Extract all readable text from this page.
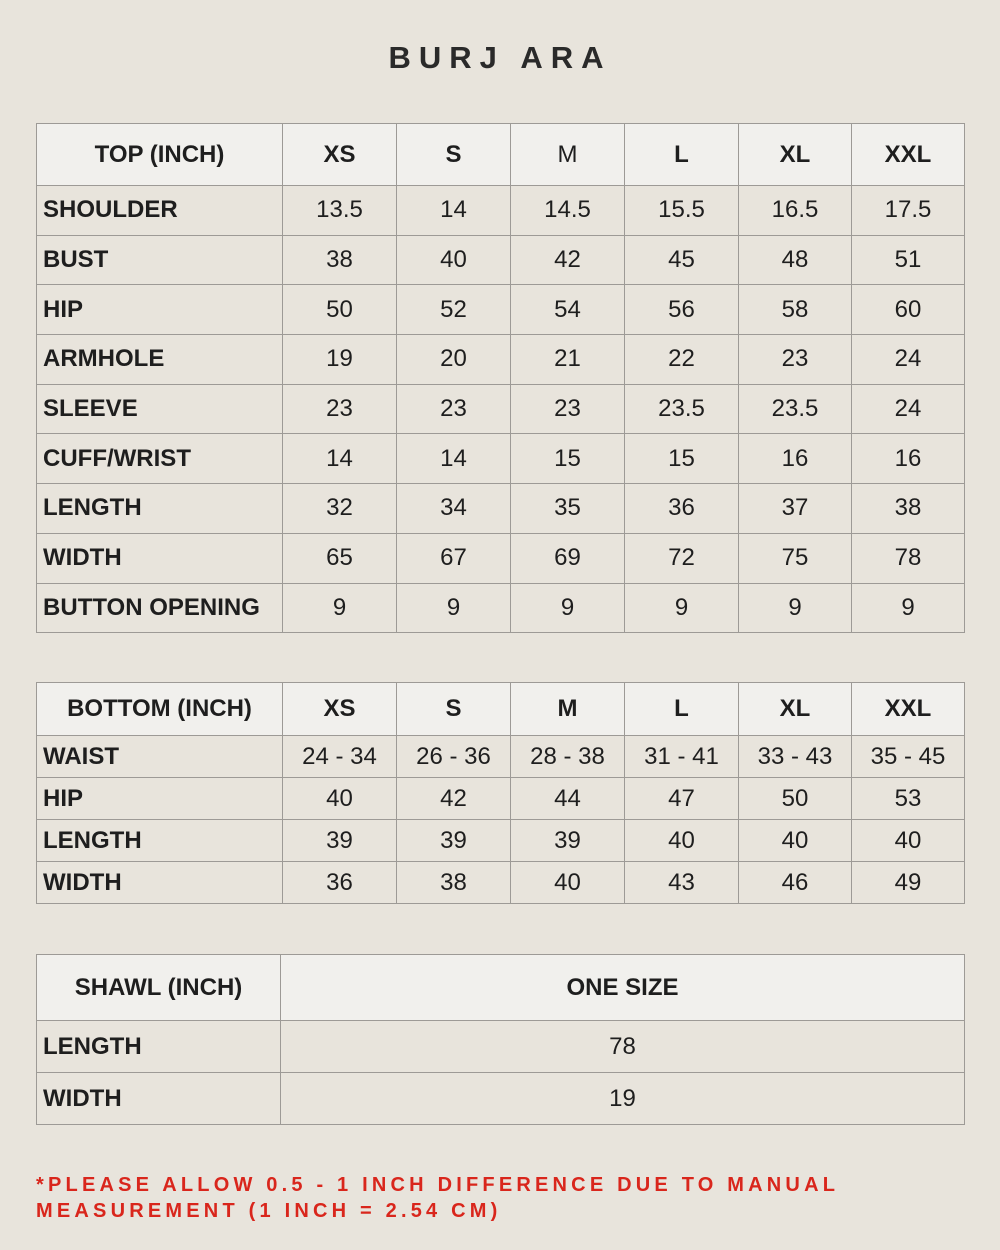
BURJ ARA
TOP (INCH)	XS	S	M	L	XL	XXL
SHOULDER	13.5	14	14.5	15.5	16.5	17.5
BUST	38	40	42	45	48	51
HIP	50	52	54	56	58	60
ARMHOLE	19	20	21	22	23	24
SLEEVE	23	23	23	23.5	23.5	24
CUFF/WRIST	14	14	15	15	16	16
LENGTH	32	34	35	36	37	38
WIDTH	65	67	69	72	75	78
BUTTON OPENING	9	9	9	9	9	9
BOTTOM (INCH)	XS	S	M	L	XL	XXL
WAIST	24 - 34	26 - 36	28 - 38	31 - 41	33 - 43	35 - 45
HIP	40	42	44	47	50	53
LENGTH	39	39	39	40	40	40
WIDTH	36	38	40	43	46	49
SHAWL (INCH)	ONE SIZE
LENGTH	78
WIDTH	19
*PLEASE ALLOW 0.5 - 1 INCH DIFFERENCE DUE TO MANUAL
MEASUREMENT (1 INCH = 2.54 CM)
